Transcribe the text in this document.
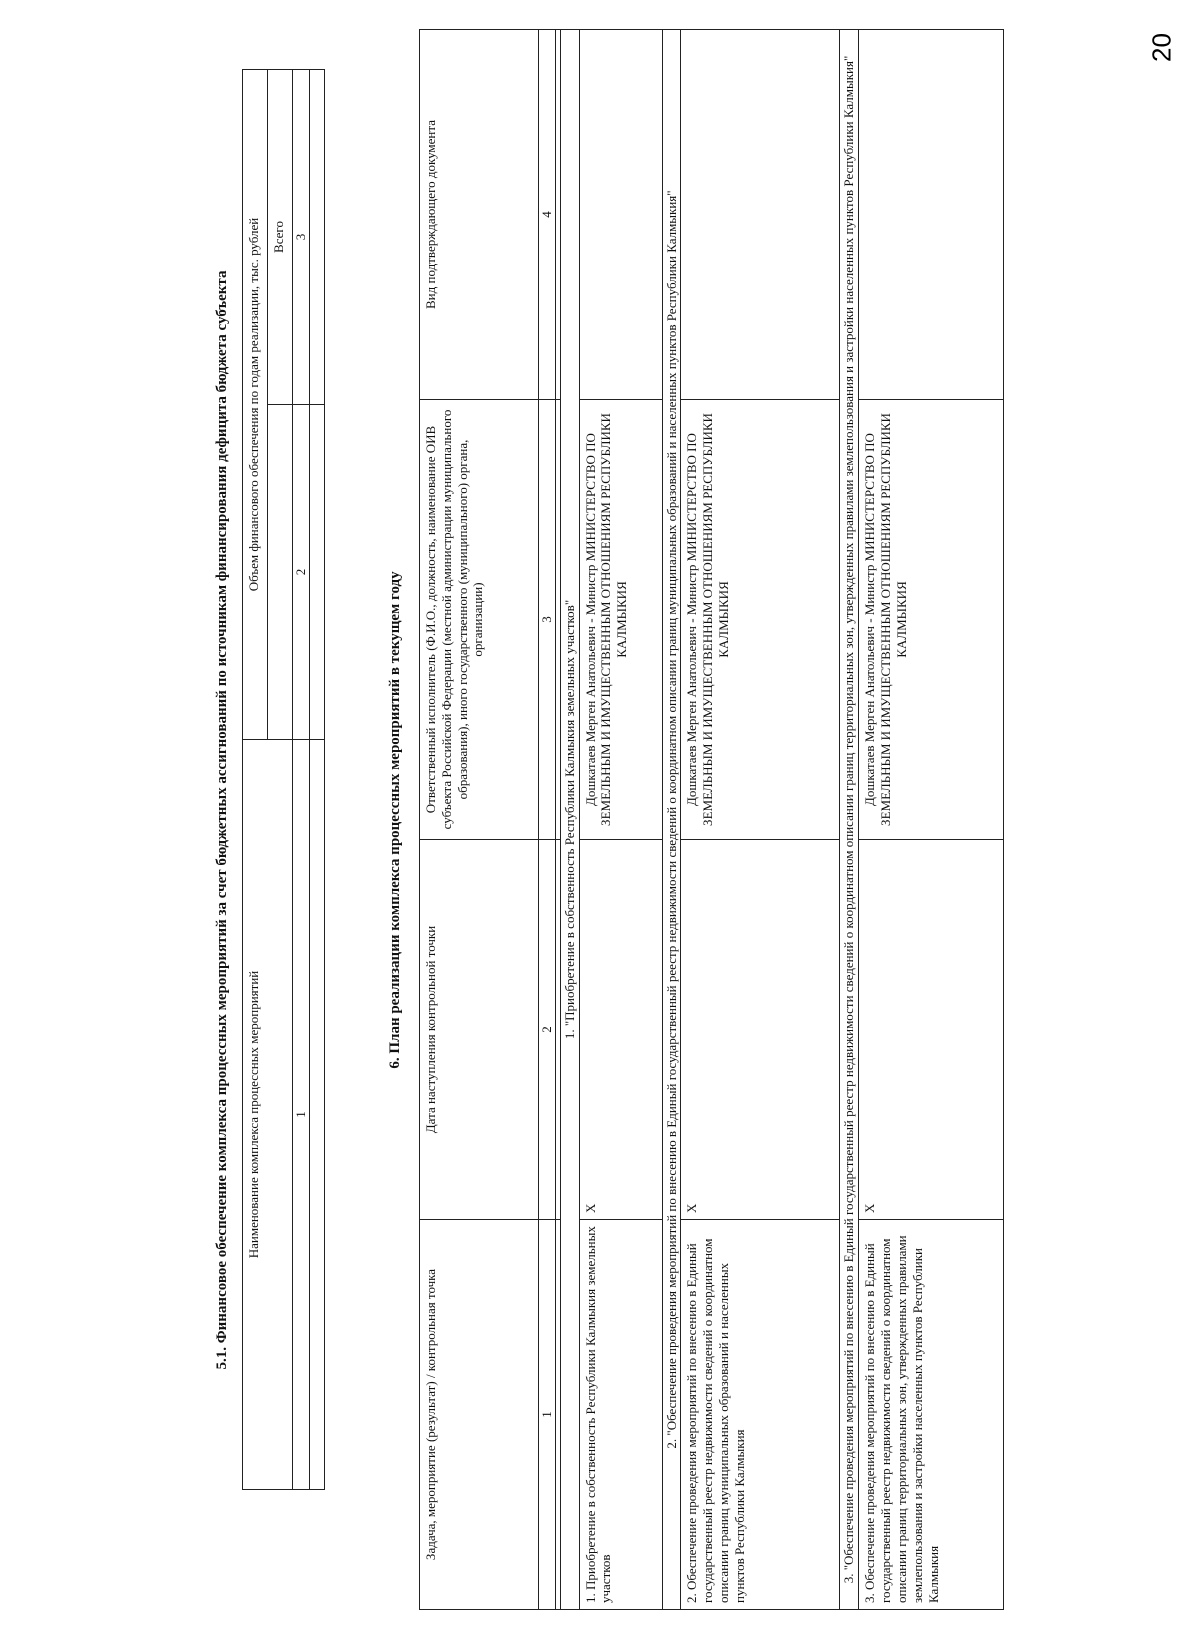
20
5.1. Финансовое обеспечение комплекса процессных мероприятий за счет бюджетных ассигнований по источникам финансирования дефицита бюджета субъекта	Наименование комплекса процессных мероприятий	Объем финансового обеспечения по годам реализации, тыс. рублей	
		Всего
1	2	3

6. План реализации комплекса процессных мероприятий в текущем году
Задача, мероприятие (результат) / контрольная точка	Дата наступления контрольной точки	Ответственный исполнитель (Ф.И.О., должность, наименование ОИВ субъекта Российской Федерации (местной администрации муниципального образования), иного государственного (муниципального) органа, организации)	Вид подтверждающего документа
1	2	3	4

1. "Приобретение в собственность Республики Калмыкия земельных участков"			
1. Приобретение в собственность Республики Калмыкия земельных участков	X	Дошкатаев Мерген Анатольевич - Министр МИНИСТЕРСТВО ПО ЗЕМЕЛЬНЫМ И ИМУЩЕСТВЕННЫМ ОТНОШЕНИЯМ РЕСПУБЛИКИ КАЛМЫКИЯ	
2. "Обеспечение проведения мероприятий по внесению в Единый государственный реестр недвижимости сведений о координатном описании границ муниципальных образований и населенных пунктов Республики Калмыкия"			
2. Обеспечение проведения мероприятий по внесению в Единый государственный реестр недвижимости сведений о координатном описании границ муниципальных образований и населенных пунктов Республики Калмыкия	X	Дошкатаев Мерген Анатольевич - Министр МИНИСТЕРСТВО ПО ЗЕМЕЛЬНЫМ И ИМУЩЕСТВЕННЫМ ОТНОШЕНИЯМ РЕСПУБЛИКИ КАЛМЫКИЯ	
3. "Обеспечение проведения мероприятий по внесению в Единый государственный реестр недвижимости сведений о координатном описании границ территориальных зон, утвержденных правилами землепользования и застройки населенных пунктов Республики Калмыкия"			
3. Обеспечение проведения мероприятий по внесению в Единый государственный реестр недвижимости сведений о координатном описании границ территориальных зон, утвержденных правилами землепользования и застройки населенных пунктов Республики Калмыкия	X	Дошкатаев Мерген Анатольевич - Министр МИНИСТЕРСТВО ПО ЗЕМЕЛЬНЫМ И ИМУЩЕСТВЕННЫМ ОТНОШЕНИЯМ РЕСПУБЛИКИ КАЛМЫКИЯ	
